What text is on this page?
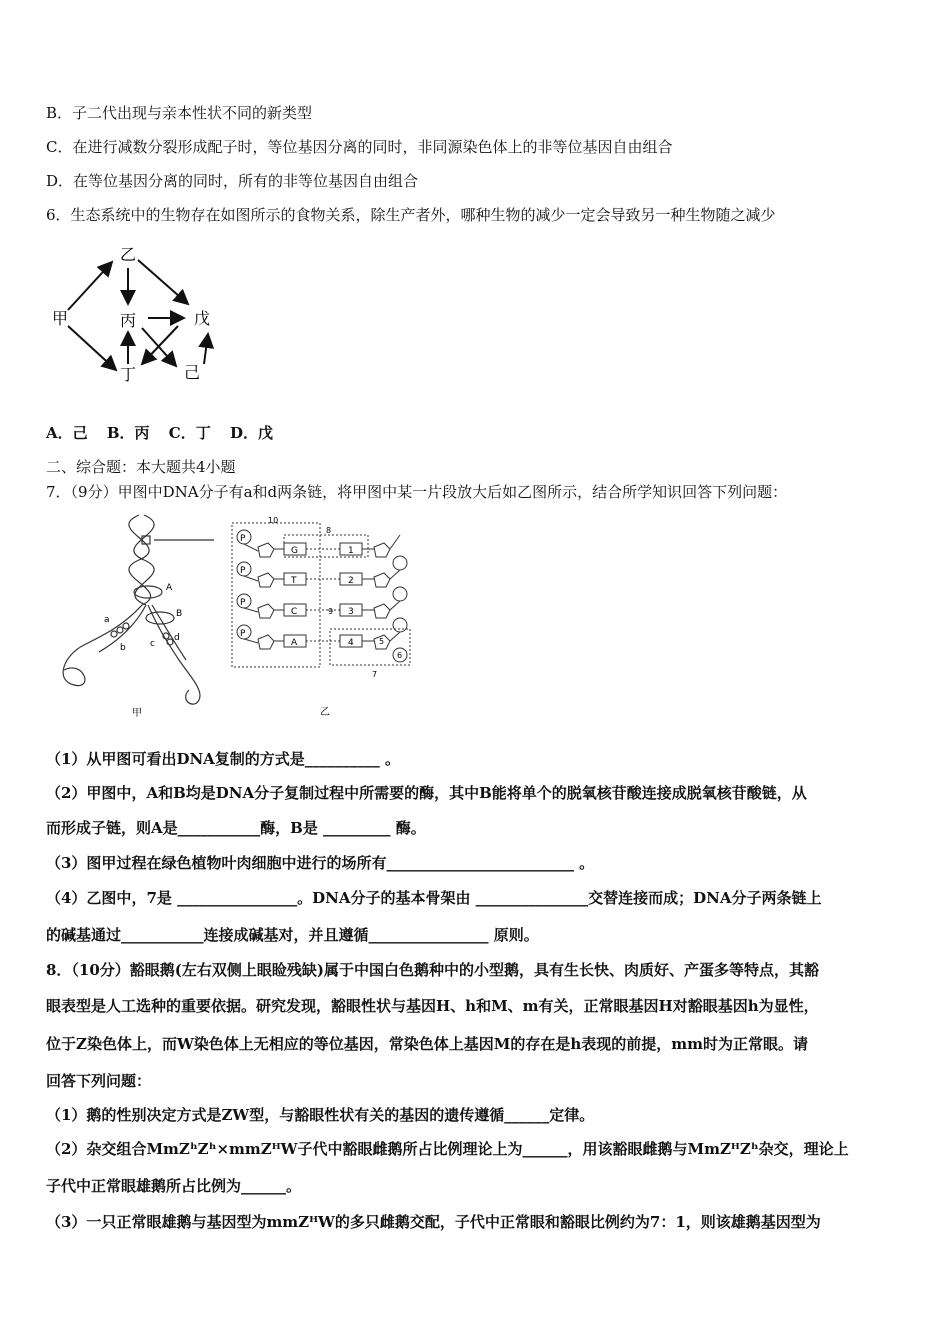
B．子二代出现与亲本性状不同的新类型
C．在进行减数分裂形成配子时，等位基因分离的同时，非同源染色体上的非等位基因自由组合
D．在等位基因分离的同时，所有的非等位基因自由组合
6．生态系统中的生物存在如图所示的食物关系，除生产者外，哪种生物的减少一定会导致另一种生物随之减少
甲
乙
丙
丁	己
戊
A．己 B．丙 C．丁 D．戊
二、综合题：本大题共4小题
7．（9分）甲图中DNA分子有a和d两条链，将甲图中某一片段放大后如乙图所示，结合所学知识回答下列问题：
A
B
a
b	c
d
甲
P
P
P
P
G
T
C
A
1
2
3
4
10
8
9
5
6
7
乙
（1）从甲图可看出DNA复制的方式是__________ 。
（2）甲图中，A和B均是DNA分子复制过程中所需要的酶，其中B能将单个的脱氧核苷酸连接成脱氧核苷酸链，从
而形成子链，则A是___________酶，B是 _________ 酶。
（3）图甲过程在绿色植物叶肉细胞中进行的场所有_________________________ 。
（4）乙图中，7是 ________________。DNA分子的基本骨架由 _______________交替连接而成；DNA分子两条链上
的碱基通过___________连接成碱基对，并且遵循________________ 原则。
8．（10分）豁眼鹅(左右双侧上眼睑残缺)属于中国白色鹅种中的小型鹅，具有生长快、肉质好、产蛋多等特点，其豁
眼表型是人工选种的重要依据。研究发现，豁眼性状与基因H、h和M、m有关，正常眼基因H对豁眼基因h为显性，
位于Z染色体上，而W染色体上无相应的等位基因，常染色体上基因M的存在是h表现的前提，mm时为正常眼。请
回答下列问题：
（1）鹅的性别决定方式是ZW型，与豁眼性状有关的基因的遗传遵循______定律。
（2）杂交组合MmZʰZʰ×mmZᴴW子代中豁眼雌鹅所占比例理论上为______，用该豁眼雌鹅与MmZᴴZʰ杂交，理论上
子代中正常眼雄鹅所占比例为______。
（3）一只正常眼雄鹅与基因型为mmZᴴW的多只雌鹅交配，子代中正常眼和豁眼比例约为7：1，则该雄鹅基因型为
